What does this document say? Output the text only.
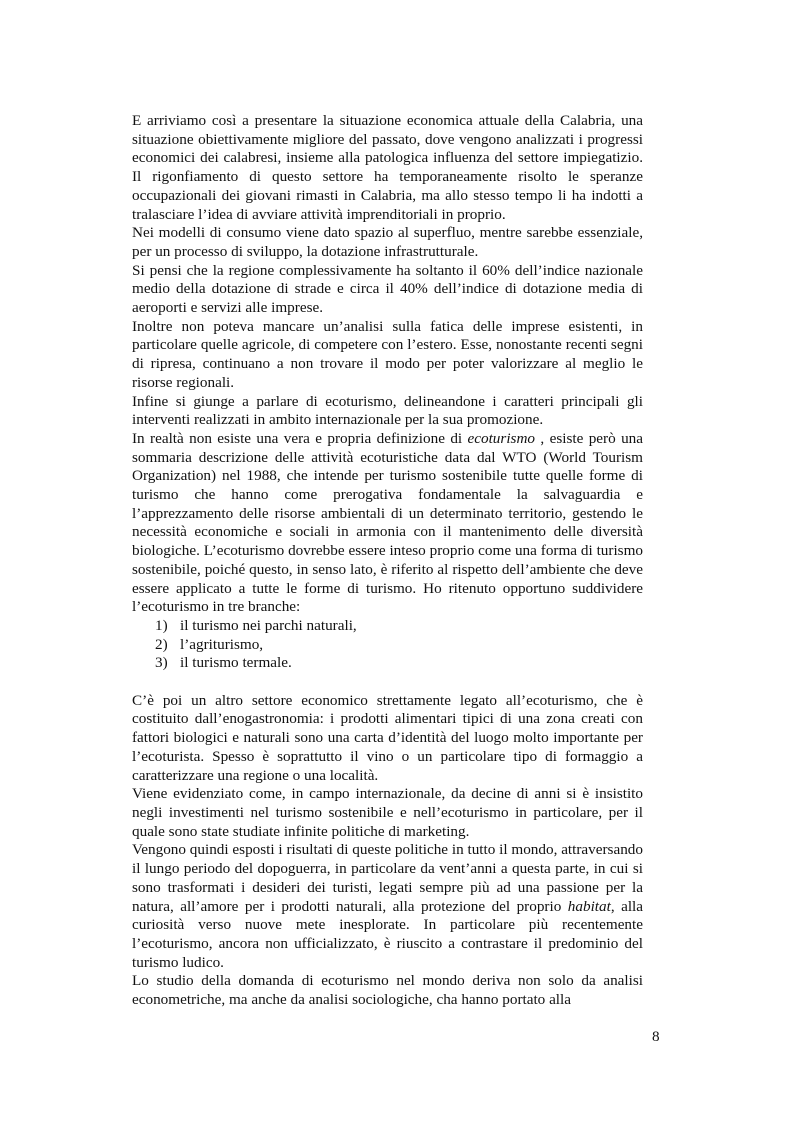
E arriviamo così a presentare la situazione economica attuale della Calabria, una situazione obiettivamente migliore del passato, dove vengono analizzati i progressi economici dei calabresi, insieme alla patologica influenza del settore impiegatizio. Il rigonfiamento di questo settore ha temporaneamente risolto le speranze occupazionali dei giovani rimasti in Calabria, ma allo stesso tempo li ha indotti a tralasciare l’idea di avviare attività imprenditoriali in proprio.

Nei modelli di consumo viene dato spazio al superfluo, mentre sarebbe essenziale, per un processo di sviluppo, la dotazione infrastrutturale.

Si pensi che la regione complessivamente ha soltanto il 60% dell’indice nazionale medio della dotazione di strade e circa il 40% dell’indice di dotazione media di aeroporti e servizi alle imprese.

Inoltre non poteva mancare un’analisi sulla fatica delle imprese esistenti, in particolare quelle agricole, di competere con l’estero. Esse, nonostante recenti segni di ripresa, continuano a non trovare il modo per poter valorizzare al meglio le risorse regionali.

Infine si giunge a parlare di ecoturismo, delineandone i caratteri principali gli interventi realizzati in ambito internazionale per la sua promozione.

In realtà non esiste una vera e propria definizione di ecoturismo , esiste però una sommaria descrizione delle attività ecoturistiche data dal WTO (World Tourism Organization) nel 1988, che intende per turismo sostenibile tutte quelle forme di turismo che hanno come prerogativa fondamentale la salvaguardia e l’apprezzamento delle risorse ambientali di un determinato territorio, gestendo le necessità economiche e sociali in armonia con il mantenimento delle diversità biologiche. L’ecoturismo dovrebbe essere inteso proprio come una forma di turismo sostenibile, poiché questo, in senso lato, è riferito al rispetto dell’ambiente che deve essere applicato a tutte le forme di turismo. Ho ritenuto opportuno suddividere l’ecoturismo in tre branche:

1) il turismo nei parchi naturali,
2) l’agriturismo,
3) il turismo termale.

C’è poi un altro settore economico strettamente legato all’ecoturismo, che è costituito dall’enogastronomia: i prodotti alimentari tipici di una zona creati con fattori biologici e naturali sono una carta d’identità del luogo molto importante per l’ecoturista. Spesso è soprattutto il vino o un particolare tipo di formaggio a caratterizzare una regione o una località.

Viene evidenziato come, in campo internazionale, da decine di anni si è insistito negli investimenti nel turismo sostenibile e nell’ecoturismo in particolare, per il quale sono state studiate infinite politiche di marketing.

Vengono quindi esposti i risultati di queste politiche in tutto il mondo, attraversando il lungo periodo del dopoguerra, in particolare da vent’anni a questa parte, in cui si sono trasformati i desideri dei turisti, legati sempre più ad una passione per la natura, all’amore per i prodotti naturali, alla protezione del proprio habitat, alla curiosità verso nuove mete inesplorate. In particolare più recentemente l’ecoturismo, ancora non ufficializzato, è riuscito a contrastare il predominio del turismo ludico.

Lo studio della domanda di ecoturismo nel mondo deriva non solo da analisi econometriche, ma anche da analisi sociologiche, cha hanno portato alla

8
